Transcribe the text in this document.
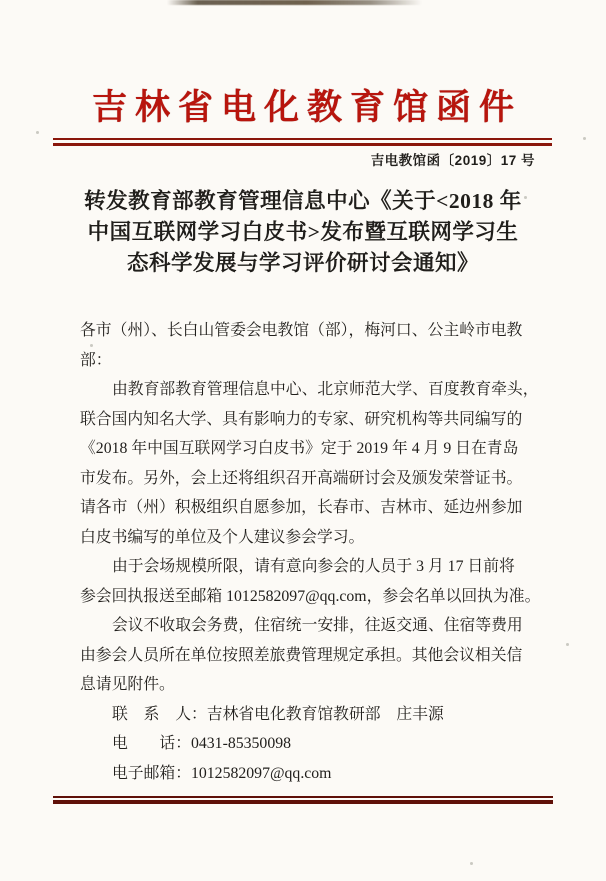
吉林省电化教育馆函件
吉电教馆函〔2019〕17 号
转发教育部教育管理信息中心《关于<2018 年
中国互联网学习白皮书>发布暨互联网学习生
态科学发展与学习评价研讨会通知》
各市（州）、长白山管委会电教馆（部），梅河口、公主岭市电教
部：
由教育部教育管理信息中心、北京师范大学、百度教育牵头，
联合国内知名大学、具有影响力的专家、研究机构等共同编写的
《2018 年中国互联网学习白皮书》定于 2019 年 4 月 9 日在青岛
市发布。另外，会上还将组织召开高端研讨会及颁发荣誉证书。
请各市（州）积极组织自愿参加，长春市、吉林市、延边州参加
白皮书编写的单位及个人建议参会学习。
由于会场规模所限，请有意向参会的人员于 3 月 17 日前将
参会回执报送至邮箱 1012582097@qq.com，参会名单以回执为准。
会议不收取会务费，住宿统一安排，往返交通、住宿等费用
由参会人员所在单位按照差旅费管理规定承担。其他会议相关信
息请见附件。
联　系　人：吉林省电化教育馆教研部　庄丰源
电　　话：0431-85350098
电子邮箱：1012582097@qq.com
